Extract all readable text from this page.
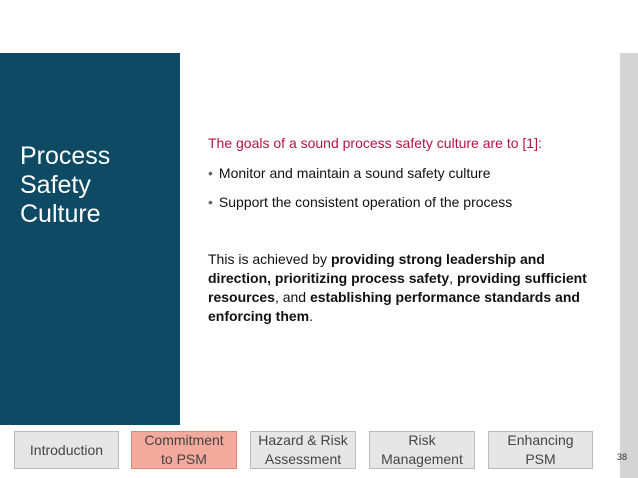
Process
Safety
Culture
The goals of a sound process safety culture are to [1]:
• Monitor and maintain a sound safety culture
• Support the consistent operation of the process
This is achieved by providing strong leadership and direction, prioritizing process safety, providing sufficient resources, and establishing performance standards and enforcing them.
Introduction
Commitment
to PSM
Hazard & Risk
Assessment
Risk
Management
Enhancing
PSM	38
